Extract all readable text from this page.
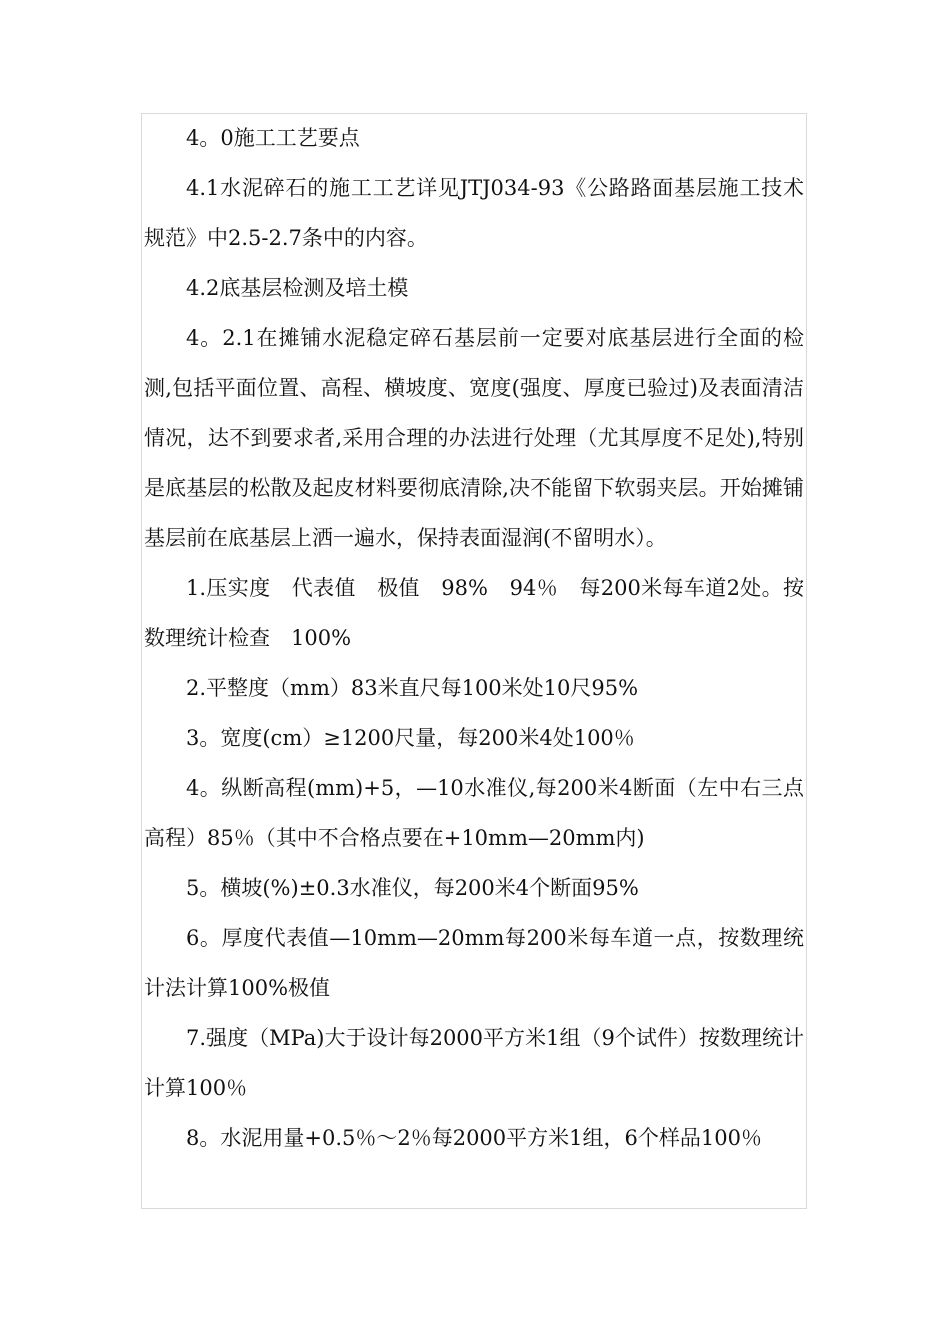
4。0施工工艺要点

4.1水泥碎石的施工工艺详见JTJ034-93《公路路面基层施工技术规范》中2.5-2.7条中的内容。

4.2底基层检测及培土模

4。2.1在摊铺水泥稳定碎石基层前一定要对底基层进行全面的检测,包括平面位置、高程、横坡度、宽度(强度、厚度已验过)及表面清洁情况，达不到要求者,采用合理的办法进行处理（尤其厚度不足处),特别是底基层的松散及起皮材料要彻底清除,决不能留下软弱夹层。开始摊铺基层前在底基层上洒一遍水，保持表面湿润(不留明水）。

1.压实度　代表值　极值　98%　94％　每200米每车道2处。按数理统计检查　100%

2.平整度（mm）83米直尺每100米处10尺95%

3。宽度(cm）≥1200尺量，每200米4处100％

4。纵断高程(mm)+5，—10水准仪,每200米4断面（左中右三点高程）85％（其中不合格点要在+10mm—20mm内)

5。横坡(%)±0.3水准仪，每200米4个断面95%

6。厚度代表值—10mm—20mm每200米每车道一点，按数理统计法计算100%极值

7.强度（MPa)大于设计每2000平方米1组（9个试件）按数理统计计算100％

8。水泥用量+0.5％～2％每2000平方米1组，6个样品100％
